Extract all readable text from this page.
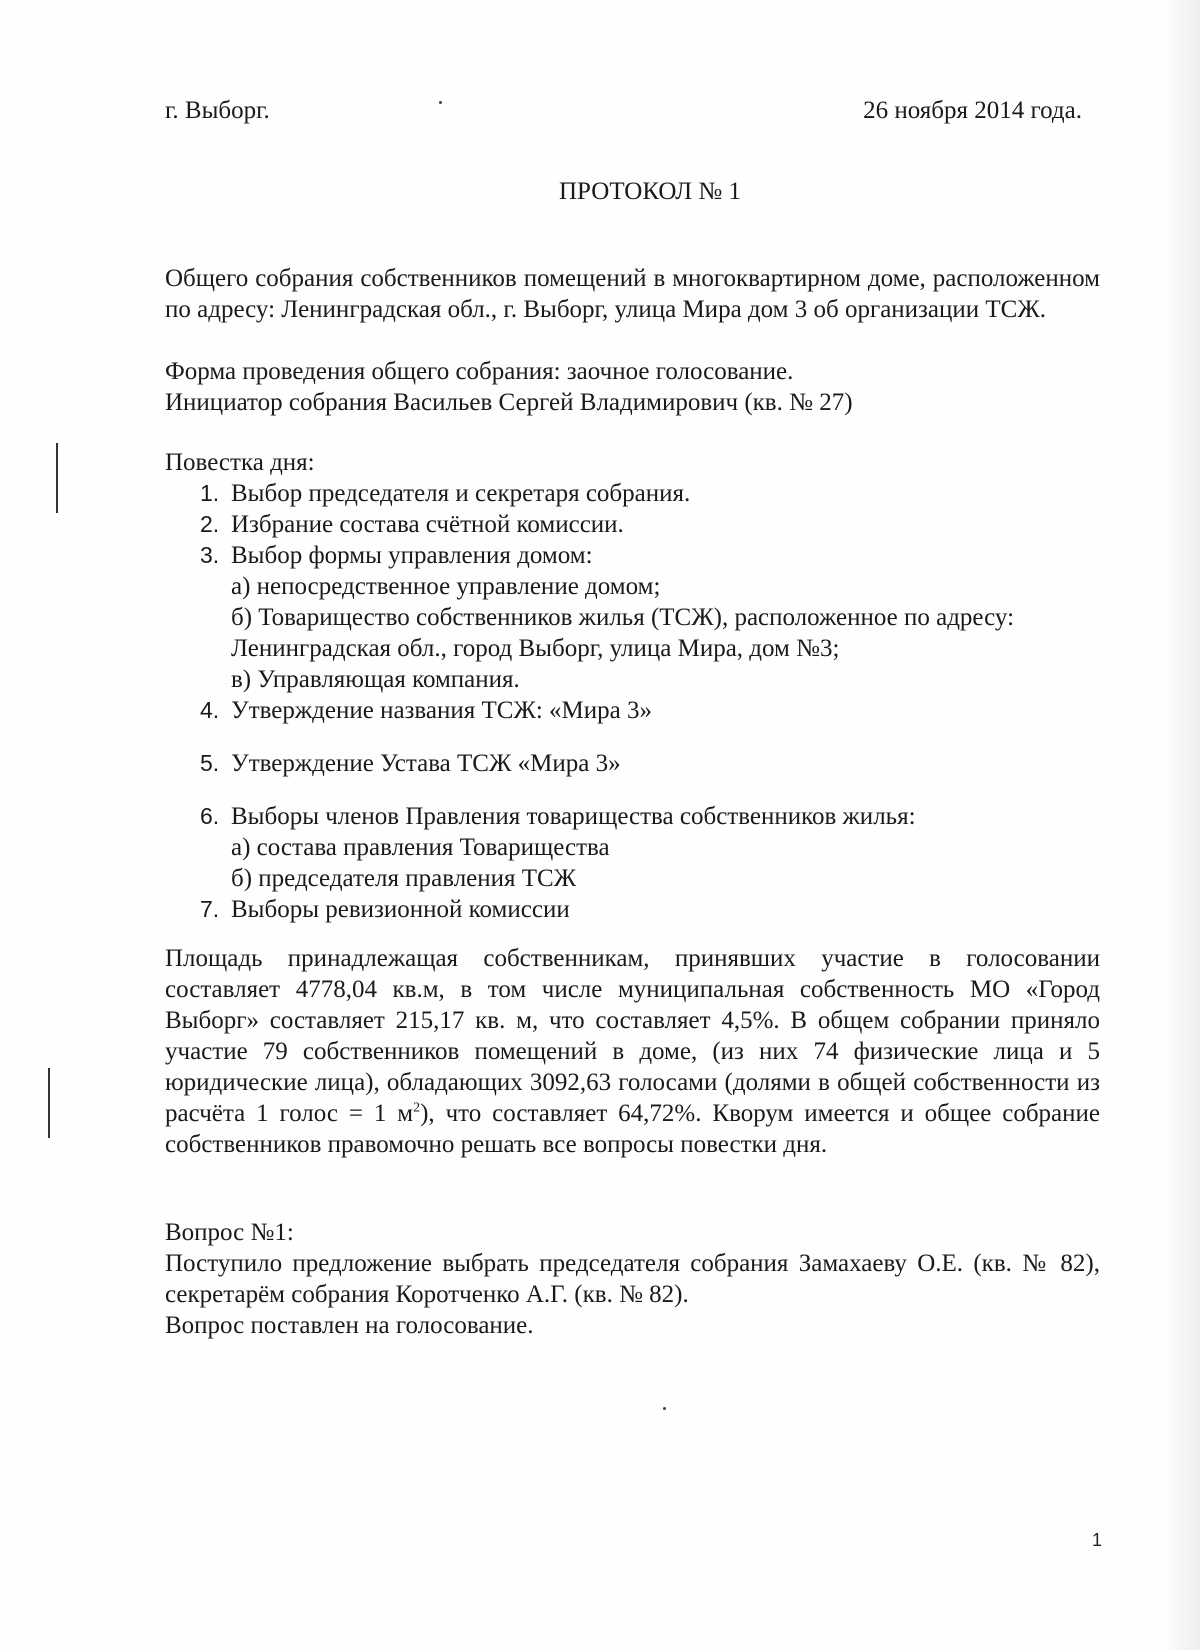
г. Выборг.	26 ноября 2014 года.
ПРОТОКОЛ № 1

Общего собрания собственников помещений в многоквартирном доме, расположенном по адресу: Ленинградская обл., г. Выборг, улица Мира дом 3 об организации ТСЖ.

Форма проведения общего собрания: заочное голосование.

Инициатор собрания Васильев Сергей Владимирович (кв. № 27)

Повестка дня:

1. Выбор председателя и секретаря собрания.
2. Избрание состава счётной комиссии.
3. Выбор формы управления домом:
а) непосредственное управление домом;
б) Товарищество собственников жилья (ТСЖ), расположенное по адресу:
Ленинградская обл., город Выборг, улица Мира, дом №3;
в) Управляющая компания.
4. Утверждение названия ТСЖ: «Мира 3»
5. Утверждение Устава ТСЖ «Мира 3»
6. Выборы членов Правления товарищества собственников жилья:
а) состава правления Товарищества
б) председателя правления ТСЖ
7. Выборы ревизионной комиссии

Площадь принадлежащая собственникам, принявших участие в голосовании составляет 4778,04 кв.м, в том числе муниципальная собственность МО «Город Выборг» составляет 215,17 кв. м, что составляет 4,5%. В общем собрании приняло участие 79 собственников помещений в доме, (из них 74 физические лица и 5 юридические лица), обладающих 3092,63 голосами (долями в общей собственности из расчёта 1 голос = 1 $м^2$), что составляет 64,72%. Кворум имеется и общее собрание собственников правомочно решать все вопросы повестки дня.

Вопрос №1:

Поступило предложение выбрать председателя собрания Замахаеву О.Е. (кв. № 82), секретарём собрания Коротченко А.Г. (кв. № 82).

Вопрос поставлен на голосование.

1
